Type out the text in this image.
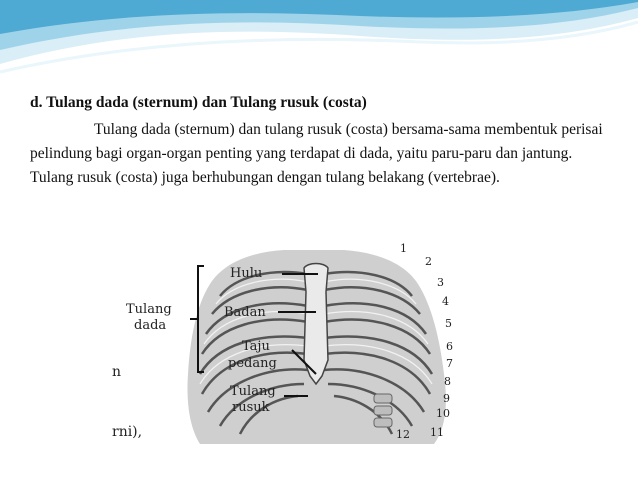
d. Tulang dada (sternum) dan Tulang rusuk (costa)

Tulang dada (sternum) dan tulang rusuk (costa) bersama-sama membentuk perisai pelindung bagi organ-organ penting yang terdapat di dada, yaitu paru-paru dan jantung. Tulang rusuk (costa) juga berhubungan dengan tulang belakang (vertebrae).

Hulu
Badan
Taju
pedang
Tulang
rusuk
Tulang
dada
n
rni),
1
2
3
4
5
6
7
8
9
10
11
12
